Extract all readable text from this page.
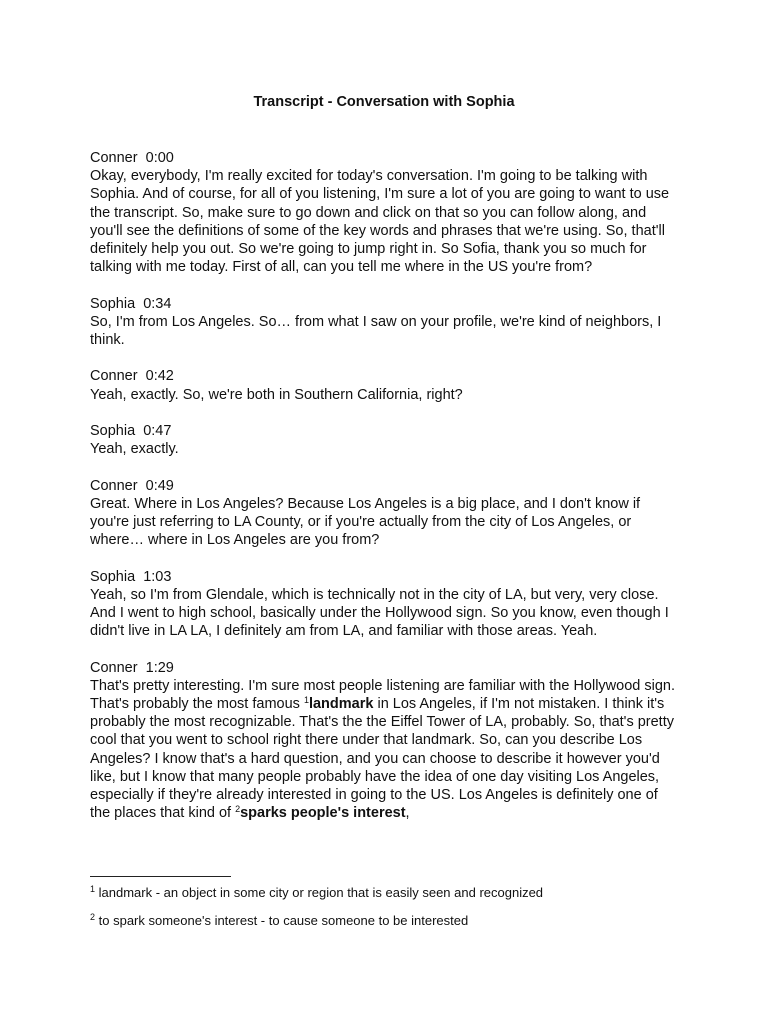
Transcript - Conversation with Sophia

Conner 0:00

Okay, everybody, I'm really excited for today's conversation. I'm going to be talking with Sophia. And of course, for all of you listening, I'm sure a lot of you are going to want to use the transcript. So, make sure to go down and click on that so you can follow along, and you'll see the definitions of some of the key words and phrases that we're using. So, that'll definitely help you out. So we're going to jump right in. So Sofia, thank you so much for talking with me today. First of all, can you tell me where in the US you're from?

Sophia 0:34

So, I'm from Los Angeles. So… from what I saw on your profile, we're kind of neighbors, I think.

Conner 0:42

Yeah, exactly. So, we're both in Southern California, right?

Sophia 0:47

Yeah, exactly.

Conner 0:49

Great. Where in Los Angeles? Because Los Angeles is a big place, and I don't know if you're just referring to LA County, or if you're actually from the city of Los Angeles, or where… where in Los Angeles are you from?

Sophia 1:03

Yeah, so I'm from Glendale, which is technically not in the city of LA, but very, very close. And I went to high school, basically under the Hollywood sign. So you know, even though I didn't live in LA LA, I definitely am from LA, and familiar with those areas. Yeah.

Conner 1:29

That's pretty interesting. I'm sure most people listening are familiar with the Hollywood sign. That's probably the most famous $^1$landmark in Los Angeles, if I'm not mistaken. I think it's probably the most recognizable. That's the the Eiffel Tower of LA, probably. So, that's pretty cool that you went to school right there under that landmark. So, can you describe Los Angeles? I know that's a hard question, and you can choose to describe it however you'd like, but I know that many people probably have the idea of one day visiting Los Angeles, especially if they're already interested in going to the US. Los Angeles is definitely one of the places that kind of $^2$sparks people's interest,

$^1$ landmark - an object in some city or region that is easily seen and recognized

$^2$ to spark someone's interest - to cause someone to be interested
